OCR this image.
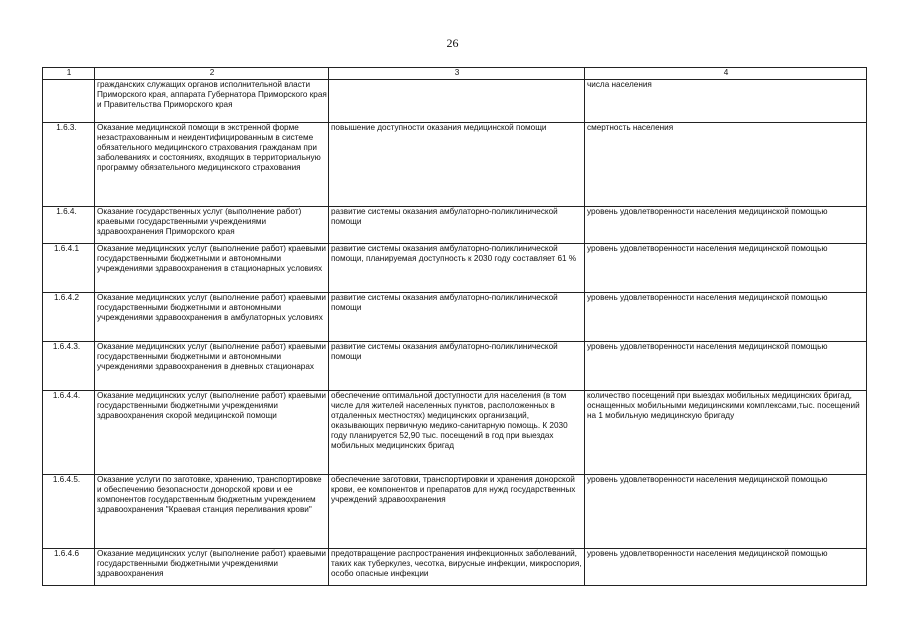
26
1	2	3	4
	гражданских служащих органов исполнительной власти Приморского края, аппарата Губернатора Приморского края и Правительства Приморского края		числа населения
1.6.3.	Оказание медицинской помощи в экстренной форме незастрахованным и неидентифицированным в системе обязательного медицинского страхования гражданам при заболеваниях и состояниях, входящих в территориальную программу обязательного медицинского страхования	повышение доступности оказания медицинской помощи	смертность населения
1.6.4.	Оказание государственных услуг (выполнение работ) краевыми государственными учреждениями здравоохранения Приморского края	развитие системы оказания амбулаторно-поликлинической помощи	уровень удовлетворенности населения медицинской помощью
1.6.4.1	Оказание медицинских услуг (выполнение работ) краевыми государственными бюджетными и автономными учреждениями здравоохранения в стационарных условиях	развитие системы оказания амбулаторно-поликлинической помощи, планируемая доступность к 2030 году составляет 61 %	уровень удовлетворенности населения медицинской помощью
1.6.4.2	Оказание медицинских услуг (выполнение работ) краевыми государственными бюджетными и автономными учреждениями здравоохранения в амбулаторных условиях	развитие системы оказания амбулаторно-поликлинической помощи	уровень удовлетворенности населения медицинской помощью
1.6.4.3.	Оказание медицинских услуг (выполнение работ) краевыми государственными бюджетными и автономными учреждениями здравоохранения в дневных стационарах	развитие системы оказания амбулаторно-поликлинической помощи	уровень удовлетворенности населения медицинской помощью
1.6.4.4.	Оказание медицинских услуг (выполнение работ) краевыми государственными бюджетными учреждениями здравоохранения скорой медицинской помощи	обеспечение оптимальной доступности для населения (в том числе для жителей населенных пунктов, расположенных в отдаленных местностях) медицинских организаций, оказывающих первичную медико-санитарную помощь. К 2030 году планируется 52,90 тыс. посещений в год при выездах мобильных медицинских бригад	количество посещений при выездах мобильных медицинских бригад, оснащенных мобильными медицинскими комплексами,тыс. посещений на 1 мобильную медицинскую бригаду
1.6.4.5.	Оказание услуги по заготовке, хранению, транспортировке и обеспечению безопасности донорской крови и ее компонентов государственным бюджетным учреждением здравоохранения "Краевая станция переливания крови"	обеспечение заготовки, транспортировки и хранения донорской крови, ее компонентов и препаратов для нужд государственных учреждений здравоохранения	уровень удовлетворенности населения медицинской помощью
1.6.4.6	Оказание медицинских услуг (выполнение работ) краевыми государственными бюджетными учреждениями здравоохранения	предотвращение распространения инфекционных заболеваний, таких как туберкулез, чесотка, вирусные инфекции, микроспория, особо опасные инфекции	уровень удовлетворенности населения медицинской помощью
